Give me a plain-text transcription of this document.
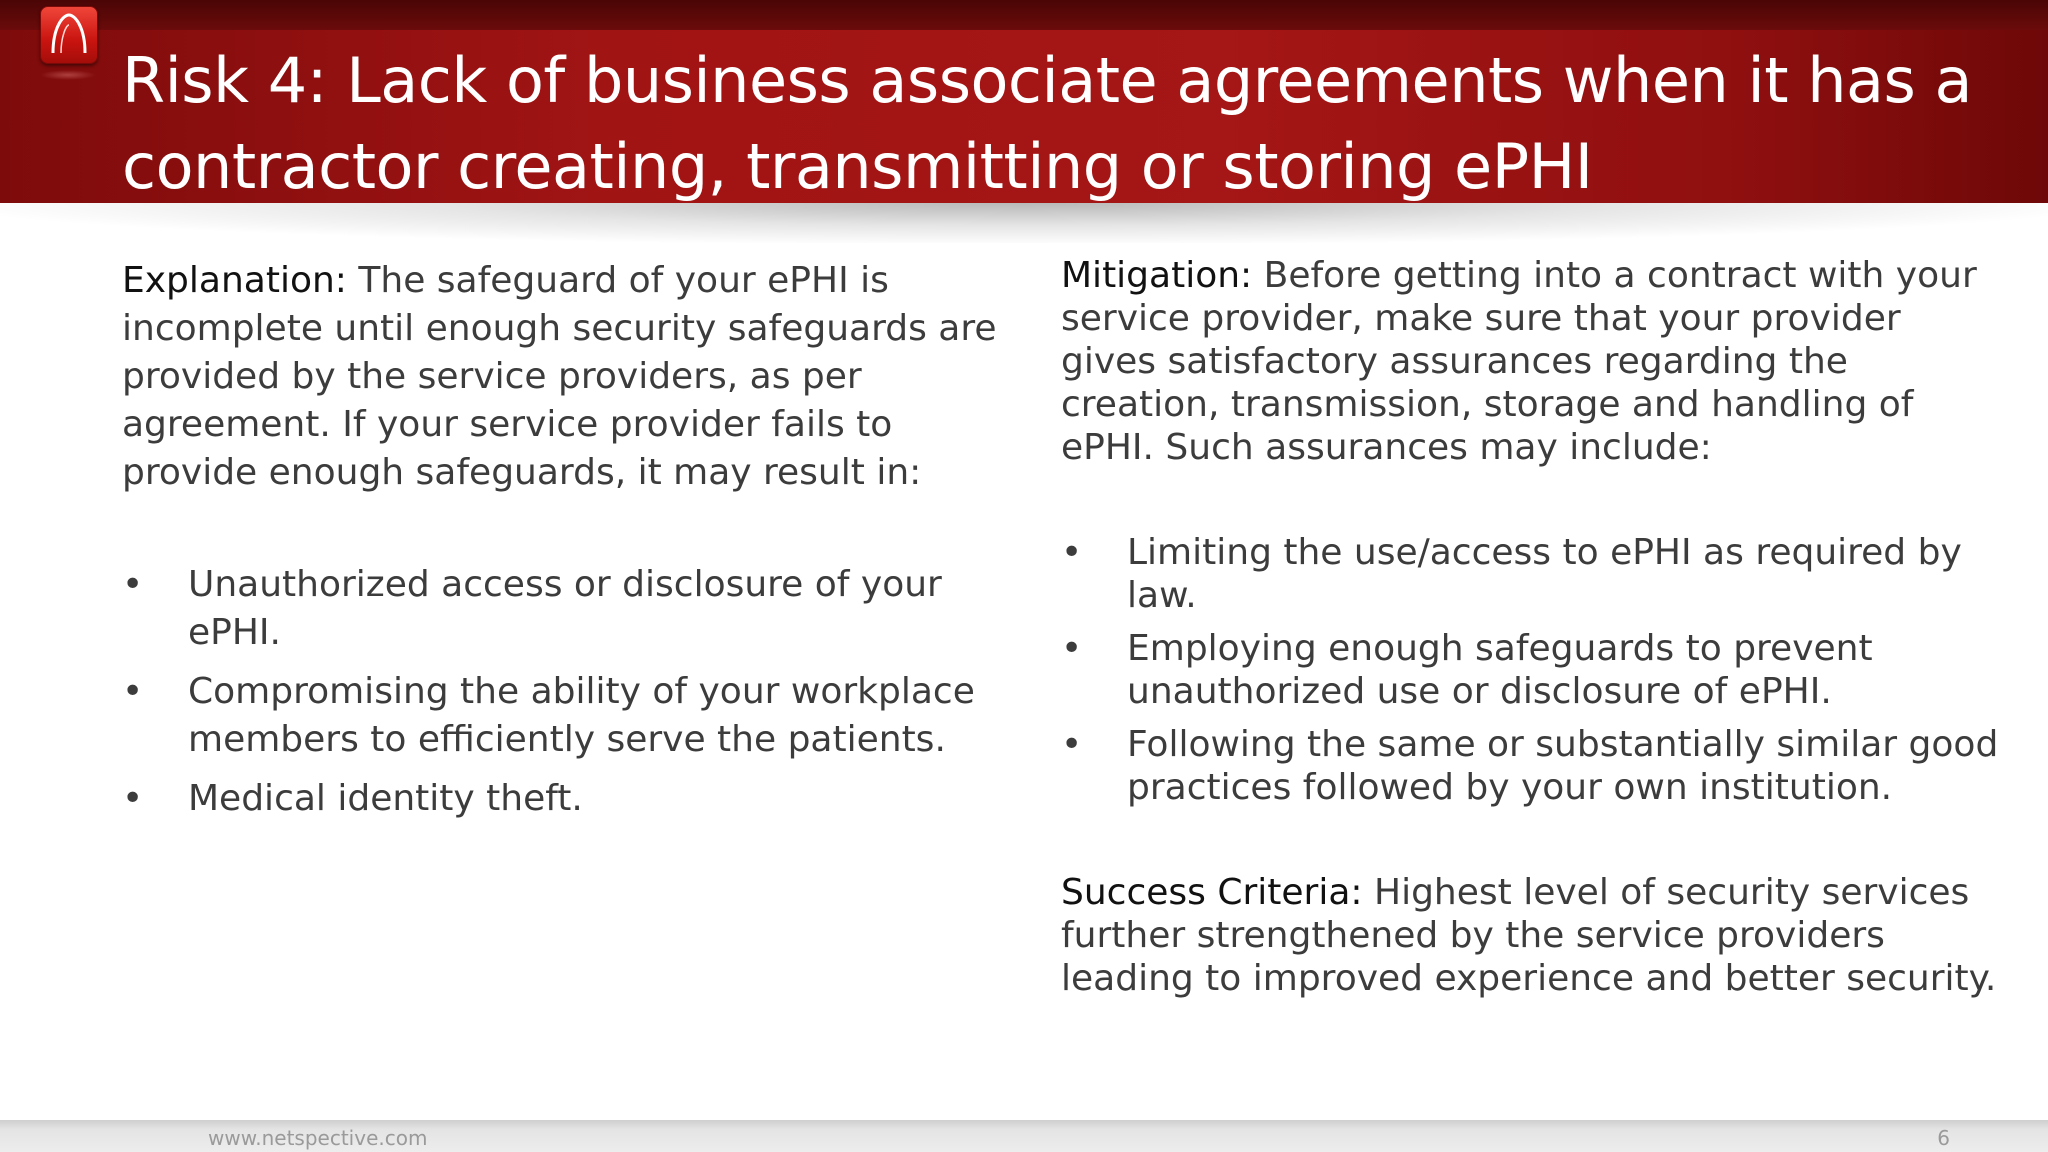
Risk 4: Lack of business associate agreements when it has a contractor creating, transmitting or storing ePHI

Explanation: The safeguard of your ePHI is incomplete until enough security safeguards are provided by the service providers, as per agreement. If your service provider fails to provide enough safeguards, it may result in:

• Unauthorized access or disclosure of your ePHI.
• Compromising the ability of your workplace members to efficiently serve the patients.
• Medical identity theft.

Mitigation: Before getting into a contract with your service provider, make sure that your provider gives satisfactory assurances regarding the creation, transmission, storage and handling of ePHI. Such assurances may include:

• Limiting the use/access to ePHI as required by law.
• Employing enough safeguards to prevent unauthorized use or disclosure of ePHI.
• Following the same or substantially similar good practices followed by your own institution.

Success Criteria: Highest level of security services further strengthened by the service providers leading to improved experience and better security.

www.netspective.com	6
